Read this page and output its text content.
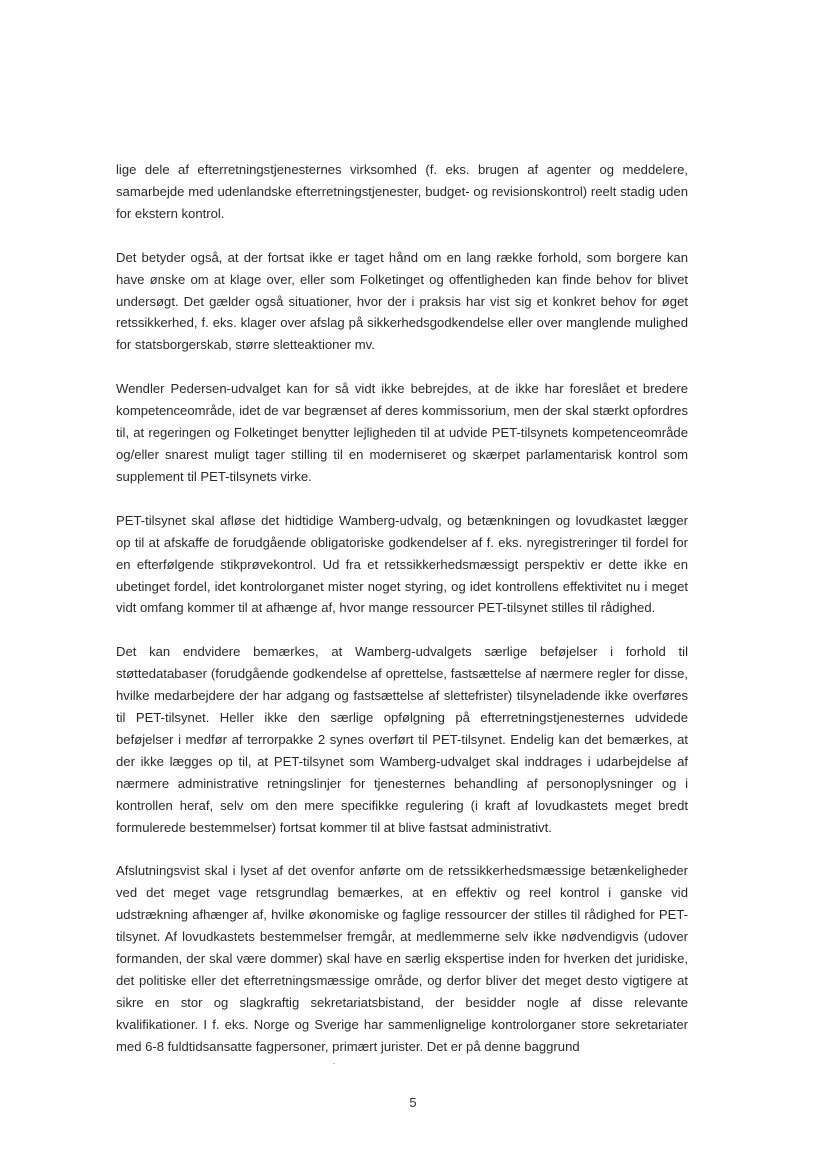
lige dele af efterretningstjenesternes virksomhed (f. eks. brugen af agenter og meddelere, samarbejde med udenlandske efterretningstjenester, budget- og revisionskontrol) reelt stadig uden for ekstern kontrol.

Det betyder også, at der fortsat ikke er taget hånd om en lang række forhold, som borgere kan have ønske om at klage over, eller som Folketinget og offentligheden kan finde behov for blivet undersøgt. Det gælder også situationer, hvor der i praksis har vist sig et konkret behov for øget retssikkerhed, f. eks. klager over afslag på sikkerhedsgodkendelse eller over manglende mulighed for statsborgerskab, større sletteaktioner mv.

Wendler Pedersen-udvalget kan for så vidt ikke bebrejdes, at de ikke har foreslået et bredere kompetenceområde, idet de var begrænset af deres kommissorium, men der skal stærkt opfordres til, at regeringen og Folketinget benytter lejligheden til at udvide PET-tilsynets kompetenceområde og/eller snarest muligt tager stilling til en moderniseret og skærpet parlamentarisk kontrol som supplement til PET-tilsynets virke.

PET-tilsynet skal afløse det hidtidige Wamberg-udvalg, og betænkningen og lovudkastet lægger op til at afskaffe de forudgående obligatoriske godkendelser af f. eks. nyregistreringer til fordel for en efterfølgende stikprøvekontrol. Ud fra et retssikkerhedsmæssigt perspektiv er dette ikke en ubetinget fordel, idet kontrolorganet mister noget styring, og idet kontrollens effektivitet nu i meget vidt omfang kommer til at afhænge af, hvor mange ressourcer PET-tilsynet stilles til rådighed.

Det kan endvidere bemærkes, at Wamberg-udvalgets særlige beføjelser i forhold til støttedatabaser (forudgående godkendelse af oprettelse, fastsættelse af nærmere regler for disse, hvilke medarbejdere der har adgang og fastsættelse af slettefrister) tilsyneladende ikke overføres til PET-tilsynet. Heller ikke den særlige opfølgning på efterretningstjenesternes udvidede beføjelser i medfør af terrorpakke 2 synes overført til PET-tilsynet. Endelig kan det bemærkes, at der ikke lægges op til, at PET-tilsynet som Wamberg-udvalget skal inddrages i udarbejdelse af nærmere administrative retningslinjer for tjenesternes behandling af personoplysninger og i kontrollen heraf, selv om den mere specifikke regulering (i kraft af lovudkastets meget bredt formulerede bestemmelser) fortsat kommer til at blive fastsat administrativt.

Afslutningsvist skal i lyset af det ovenfor anførte om de retssikkerhedsmæssige betænkeligheder ved det meget vage retsgrundlag bemærkes, at en effektiv og reel kontrol i ganske vid udstrækning afhænger af, hvilke økonomiske og faglige ressourcer der stilles til rådighed for PET-tilsynet. Af lovudkastets bestemmelser fremgår, at medlemmerne selv ikke nødvendigvis (udover formanden, der skal være dommer) skal have en særlig ekspertise inden for hverken det juridiske, det politiske eller det efterretningsmæssige område, og derfor bliver det meget desto vigtigere at sikre en stor og slagkraftig sekretariatsbistand, der besidder nogle af disse relevante kvalifikationer. I f. eks. Norge og Sverige har sammenlignelige kontrolorganer store sekretariater med 6-8 fuldtidsansatte fagpersoner, primært jurister. Det er på denne baggrund

5
